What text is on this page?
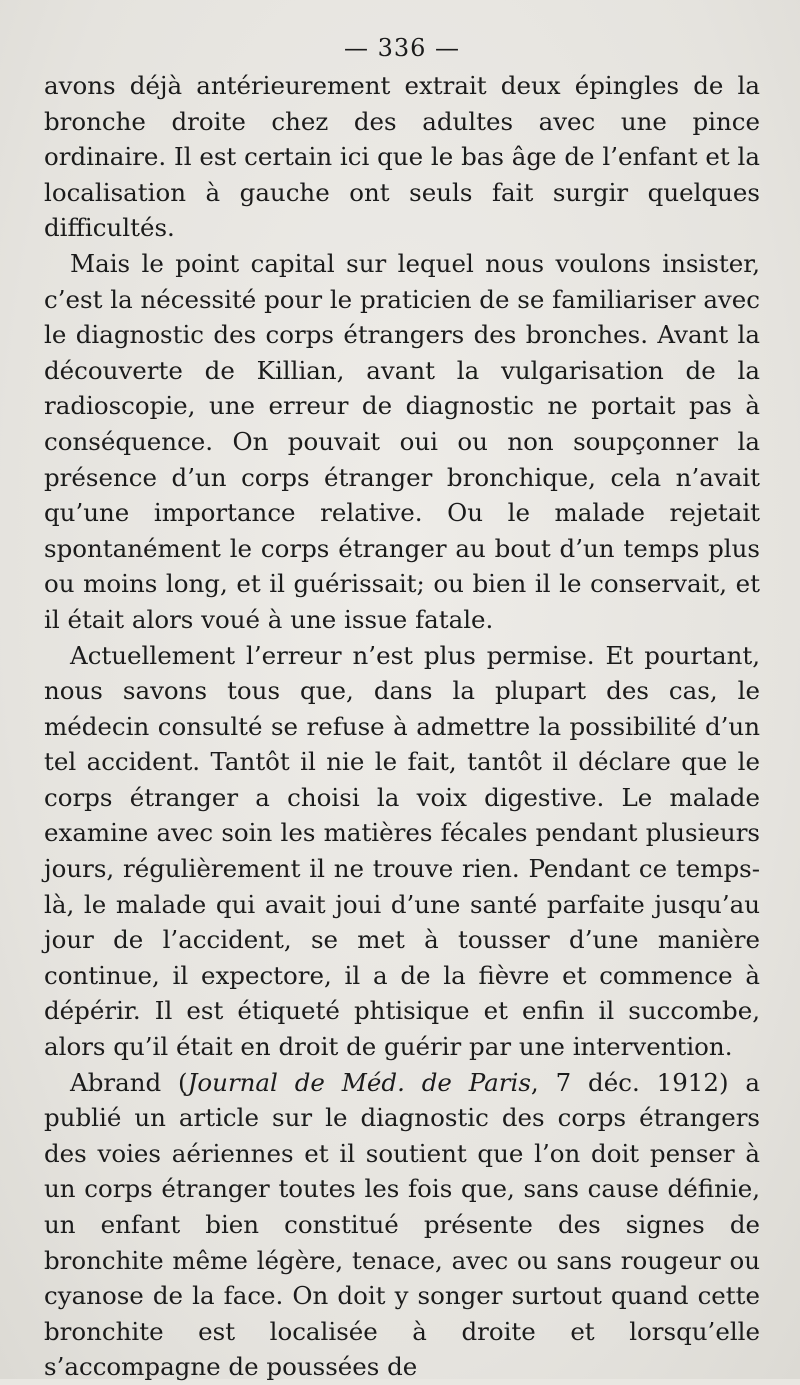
— 336 —

avons déjà antérieurement extrait deux épingles de la bronche droite chez des adultes avec une pince ordinaire. Il est certain ici que le bas âge de l’enfant et la localisation à gauche ont seuls fait surgir quelques difficultés.

Mais le point capital sur lequel nous voulons insister, c’est la nécessité pour le praticien de se familiariser avec le diagnostic des corps étrangers des bronches. Avant la découverte de Killian, avant la vulgarisation de la radioscopie, une erreur de diagnostic ne portait pas à conséquence. On pouvait oui ou non soupçonner la présence d’un corps étranger bronchique, cela n’avait qu’une importance relative. Ou le malade rejetait spontanément le corps étranger au bout d’un temps plus ou moins long, et il guérissait; ou bien il le conservait, et il était alors voué à une issue fatale.

Actuellement l’erreur n’est plus permise. Et pourtant, nous savons tous que, dans la plupart des cas, le médecin consulté se refuse à admettre la possibilité d’un tel accident. Tantôt il nie le fait, tantôt il déclare que le corps étranger a choisi la voix digestive. Le malade examine avec soin les matières fécales pendant plusieurs jours, régulièrement il ne trouve rien. Pendant ce temps-là, le malade qui avait joui d’une santé parfaite jusqu’au jour de l’accident, se met à tousser d’une manière continue, il expectore, il a de la fièvre et commence à dépérir. Il est étiqueté phtisique et enfin il succombe, alors qu’il était en droit de guérir par une intervention.

Abrand (Journal de Méd. de Paris, 7 déc. 1912) a publié un article sur le diagnostic des corps étrangers des voies aériennes et il soutient que l’on doit penser à un corps étranger toutes les fois que, sans cause définie, un enfant bien constitué présente des signes de bronchite même légère, tenace, avec ou sans rougeur ou cyanose de la face. On doit y songer surtout quand cette bronchite est localisée à droite et lorsqu’elle s’accompagne de poussées de
